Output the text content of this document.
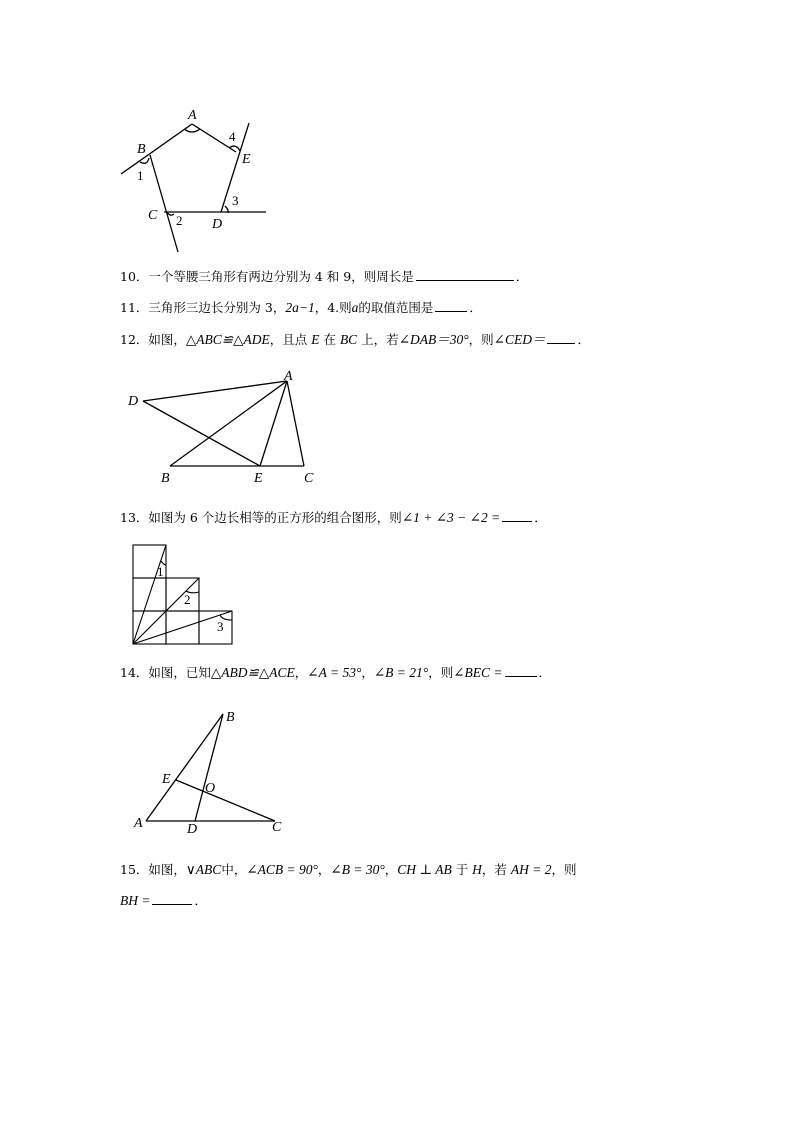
A
B
C
D
E
1
2
3
4
10．一个等腰三角形有两边分别为 4 和 9，则周长是	．
11．三角形三边长分别为 3，2a−1，4.则a的取值范围是	．
12．如图，△ABC≌△ADE，且点 E 在 BC 上，若∠DAB＝30°，则∠CED＝	．
A
D
B	E	C
13．如图为 6 个边长相等的正方形的组合图形，则∠1 + ∠3 − ∠2 =	．
1
2
3
14．如图，已知△ABD≌△ACE，∠A = 53°，∠B = 21°，则∠BEC =	．
B
E
O
A	D	C
15．如图，∨ABC中，∠ACB = 90°，∠B = 30°，CH ⊥ AB 于 H，若 AH = 2，则
BH =	．
